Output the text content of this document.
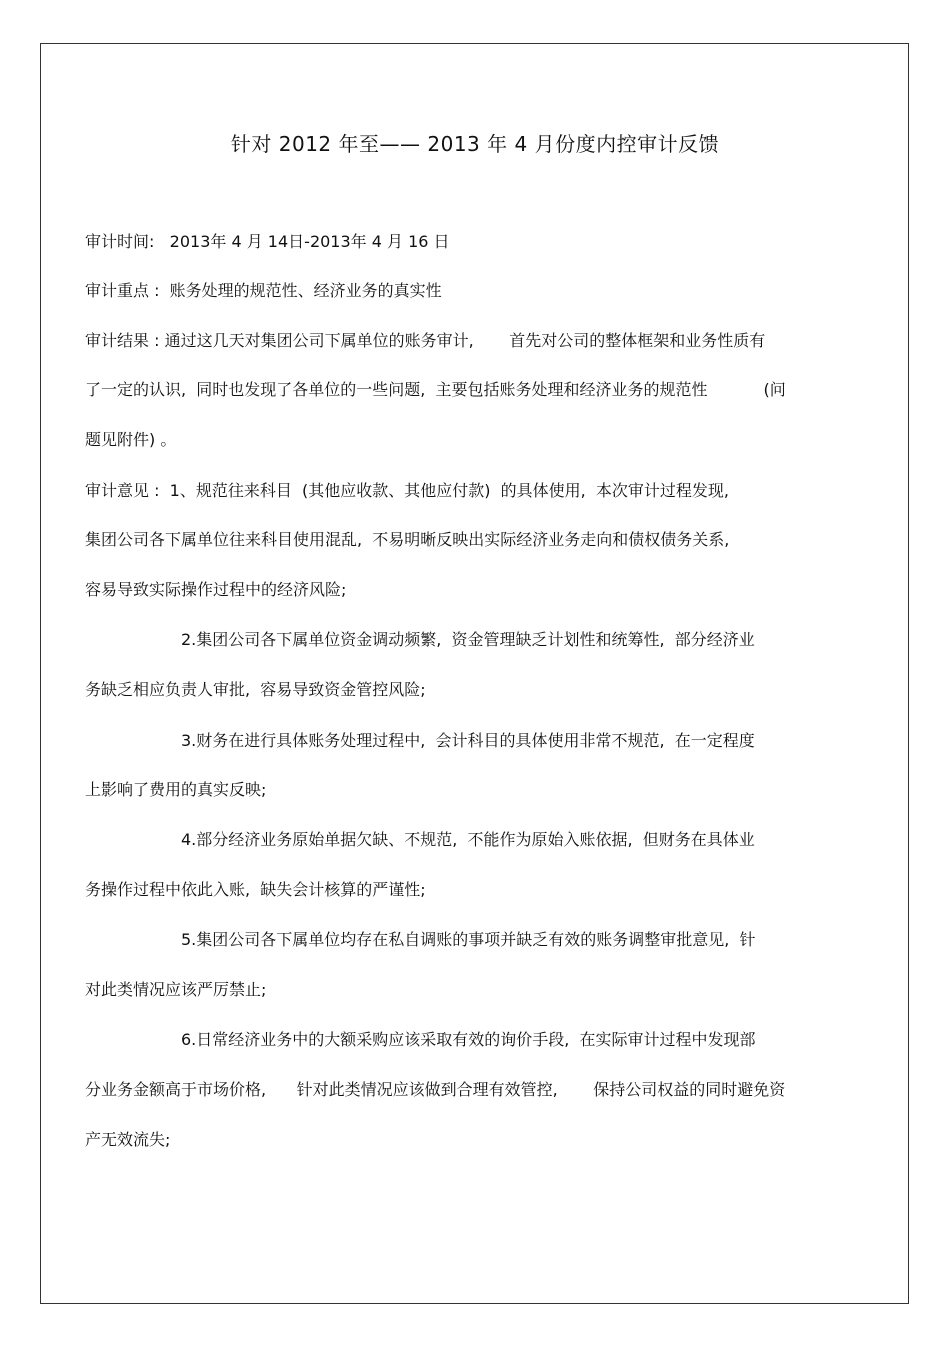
针对 2012 年至—— 2013 年 4 月份度内控审计反馈
审计时间:   2013年 4 月 14日-2013年 4 月 16 日
审计重点 :  账务处理的规范性、经济业务的真实性
审计结果 : 通过这几天对集团公司下属单位的账务审计,       首先对公司的整体框架和业务性质有
了一定的认识,  同时也发现了各单位的一些问题,  主要包括账务处理和经济业务的规范性           (问
题见附件) 。
审计意见 :  1、规范往来科目  (其他应收款、其他应付款)  的具体使用,  本次审计过程发现,
集团公司各下属单位往来科目使用混乱,  不易明晰反映出实际经济业务走向和债权债务关系,
容易导致实际操作过程中的经济风险;
2.集团公司各下属单位资金调动频繁,  资金管理缺乏计划性和统筹性,  部分经济业
务缺乏相应负责人审批,  容易导致资金管控风险;
3.财务在进行具体账务处理过程中,  会计科目的具体使用非常不规范,  在一定程度
上影响了费用的真实反映;
4.部分经济业务原始单据欠缺、不规范,  不能作为原始入账依据,  但财务在具体业
务操作过程中依此入账,  缺失会计核算的严谨性;
5.集团公司各下属单位均存在私自调账的事项并缺乏有效的账务调整审批意见,  针
对此类情况应该严厉禁止;
6.日常经济业务中的大额采购应该采取有效的询价手段,  在实际审计过程中发现部
分业务金额高于市场价格,      针对此类情况应该做到合理有效管控,       保持公司权益的同时避免资
产无效流失;
